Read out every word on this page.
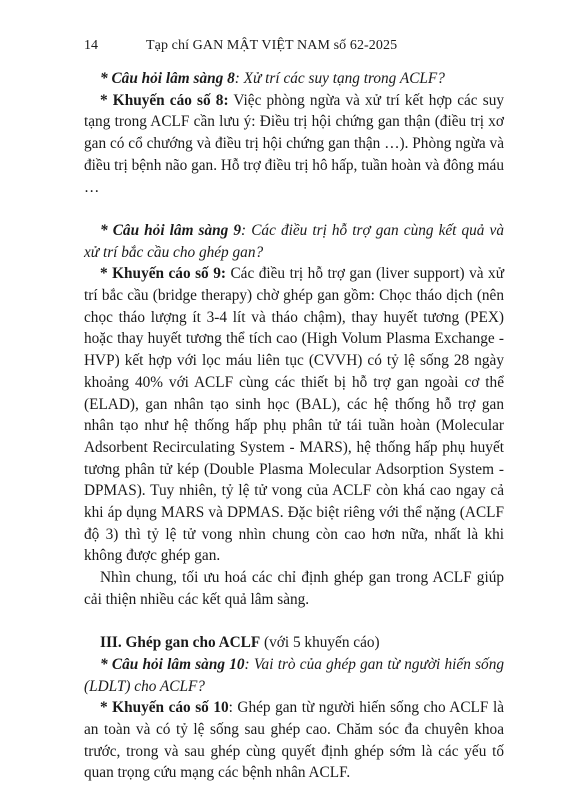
14	Tạp chí GAN MẬT VIỆT NAM số 62-2025

* Câu hỏi lâm sàng 8: Xử trí các suy tạng trong ACLF?

* Khuyến cáo số 8: Việc phòng ngừa và xử trí kết hợp các suy tạng trong ACLF cần lưu ý: Điều trị hội chứng gan thận (điều trị xơ gan có cổ chướng và điều trị hội chứng gan thận …). Phòng ngừa và điều trị bệnh não gan. Hỗ trợ điều trị hô hấp, tuần hoàn và đông máu …

* Câu hỏi lâm sàng 9: Các điều trị hỗ trợ gan cùng kết quả và xử trí bắc cầu cho ghép gan?

* Khuyến cáo số 9: Các điều trị hỗ trợ gan (liver support) và xử trí bắc cầu (bridge therapy) chờ ghép gan gồm: Chọc tháo dịch (nên chọc tháo lượng ít 3-4 lít và tháo chậm), thay huyết tương (PEX) hoặc thay huyết tương thể tích cao (High Volum Plasma Exchange - HVP) kết hợp với lọc máu liên tục (CVVH) có tỷ lệ sống 28 ngày khoảng 40% với ACLF cùng các thiết bị hỗ trợ gan ngoài cơ thể (ELAD), gan nhân tạo sinh học (BAL), các hệ thống hỗ trợ gan nhân tạo như hệ thống hấp phụ phân tử tái tuần hoàn (Molecular Adsorbent Recirculating System - MARS), hệ thống hấp phụ huyết tương phân tử kép (Double Plasma Molecular Adsorption System - DPMAS). Tuy nhiên, tỷ lệ tử vong của ACLF còn khá cao ngay cả khi áp dụng MARS và DPMAS. Đặc biệt riêng với thể nặng (ACLF độ 3) thì tỷ lệ tử vong nhìn chung còn cao hơn nữa, nhất là khi không được ghép gan.

Nhìn chung, tối ưu hoá các chỉ định ghép gan trong ACLF giúp cải thiện nhiều các kết quả lâm sàng.

III. Ghép gan cho ACLF (với 5 khuyến cáo)

* Câu hỏi lâm sàng 10: Vai trò của ghép gan từ người hiến sống (LDLT) cho ACLF?

* Khuyến cáo số 10: Ghép gan từ người hiến sống cho ACLF là an toàn và có tỷ lệ sống sau ghép cao. Chăm sóc đa chuyên khoa trước, trong và sau ghép cùng quyết định ghép sớm là các yếu tố quan trọng cứu mạng các bệnh nhân ACLF.
